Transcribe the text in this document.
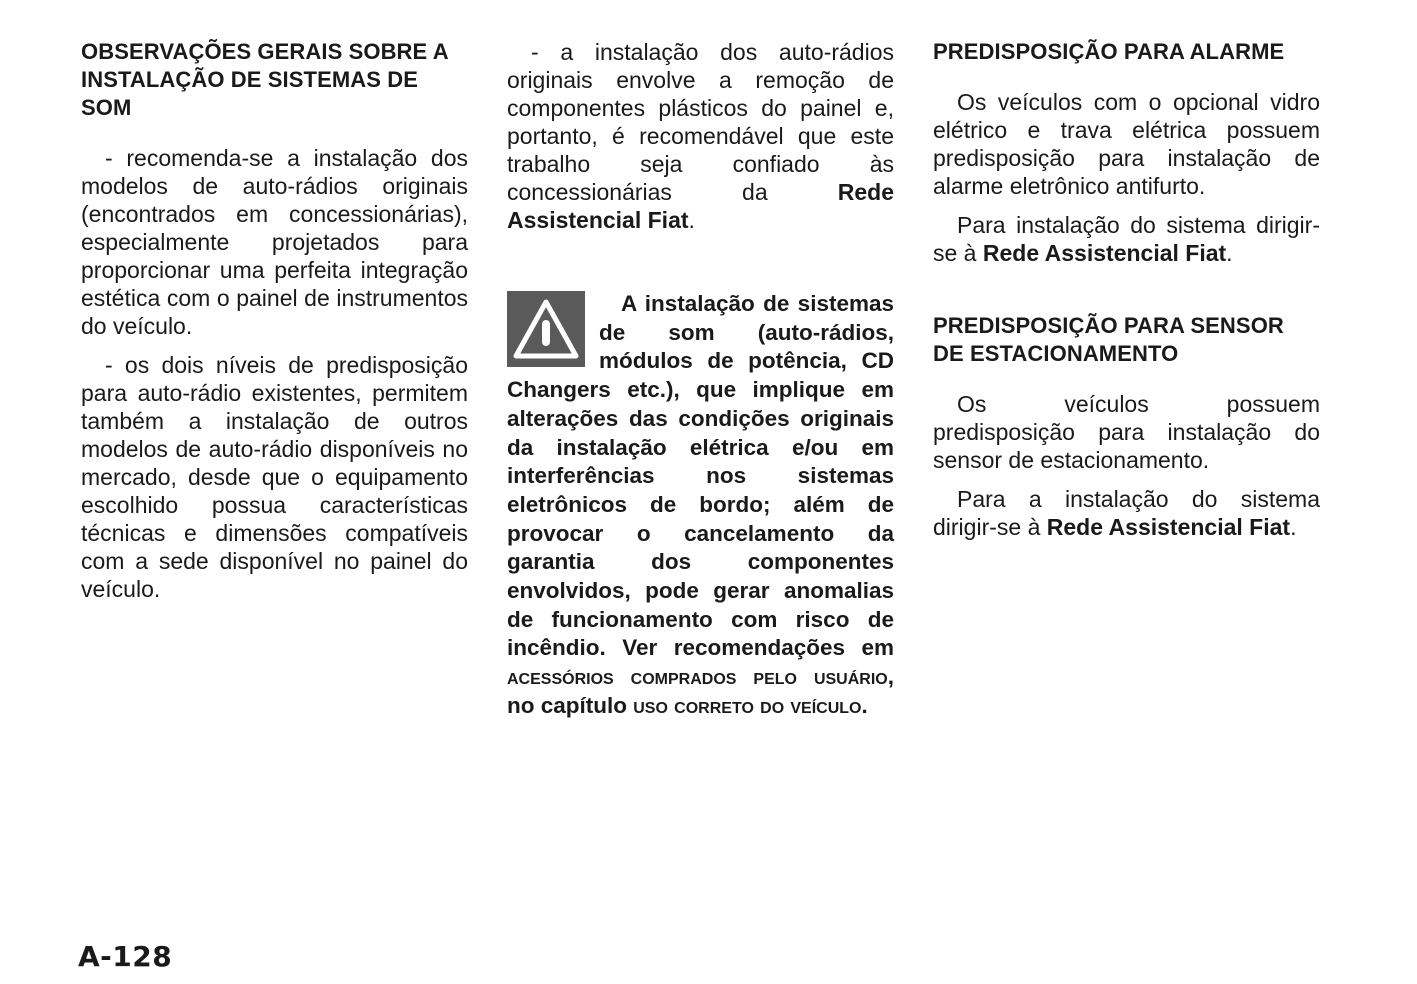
OBSERVAÇÕES GERAIS SOBRE A INSTALAÇÃO DE SISTEMAS DE SOM

- recomenda-se a instalação dos modelos de auto-rádios originais (encontrados em concessionárias), especialmente projetados para proporcionar uma perfeita integração estética com o painel de instrumentos do veículo.

- os dois níveis de predisposição para auto-rádio existentes, permitem também a instalação de outros modelos de auto-rádio disponíveis no mercado, desde que o equipamento escolhido possua características técnicas e dimensões compatíveis com a sede disponível no painel do veículo.

- a instalação dos auto-rádios originais envolve a remoção de componentes plásticos do painel e, portanto, é recomendável que este trabalho seja confiado às concessionárias da Rede Assistencial Fiat.

A instalação de sistemas de som (auto-rádios, módulos de potência, CD Changers etc.), que implique em alterações das condições originais da instalação elétrica e/ou em interferências nos sistemas eletrônicos de bordo; além de provocar o cancelamento da garantia dos componentes envolvidos, pode gerar anomalias de funcionamento com risco de incêndio. Ver recomendações em acessórios comprados pelo usuário, no capítulo uso correto do veículo.

PREDISPOSIÇÃO PARA ALARME

Os veículos com o opcional vidro elétrico e trava elétrica possuem predisposição para instalação de alarme eletrônico antifurto.

Para instalação do sistema dirigir-se à Rede Assistencial Fiat.

PREDISPOSIÇÃO PARA SENSOR DE ESTACIONAMENTO

Os veículos possuem predisposição para instalação do sensor de estacionamento.

Para a instalação do sistema dirigir-se à Rede Assistencial Fiat.

A-128
